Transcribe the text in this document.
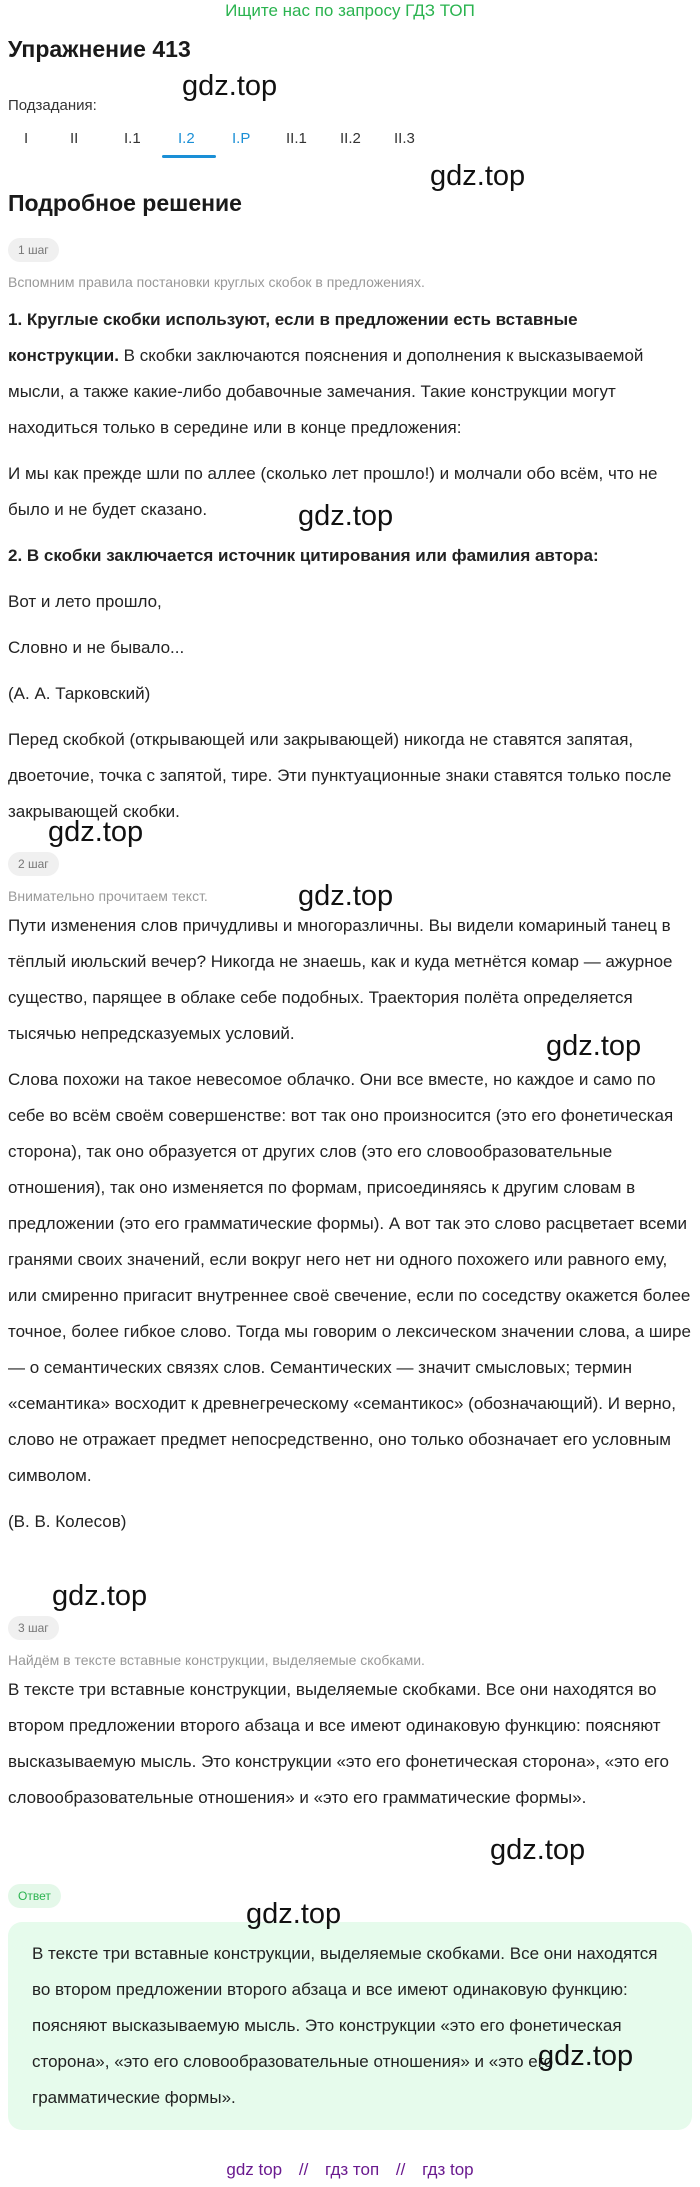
Ищите нас по запросу ГДЗ ТОП
Упражнение 413
Подзадания:
I	II	I.1	I.2	I.P	II.1	II.2	II.3
Подробное решение
1 шаг
Вспомним правила постановки круглых скобок в предложениях.
1. Круглые скобки используют, если в предложении есть вставные конструкции. В скобки заключаются пояснения и дополнения к высказываемой мысли, а также какие-либо добавочные замечания. Такие конструкции могут находиться только в середине или в конце предложения:
И мы как прежде шли по аллее (сколько лет прошло!) и молчали обо всём, что не было и не будет сказано.
2. В скобки заключается источник цитирования или фамилия автора:
Вот и лето прошло,
Словно и не бывало...
(А. А. Тарковский)
Перед скобкой (открывающей или закрывающей) никогда не ставятся запятая, двоеточие, точка с запятой, тире. Эти пунктуационные знаки ставятся только после закрывающей скобки.
2 шаг
Внимательно прочитаем текст.
Пути изменения слов причудливы и многоразличны. Вы видели комариный танец в тёплый июльский вечер? Никогда не знаешь, как и куда метнётся комар — ажурное существо, парящее в облаке себе подобных. Траектория полёта определяется тысячью непредсказуемых условий.
Слова похожи на такое невесомое облачко. Они все вместе, но каждое и само по себе во всём своём совершенстве: вот так оно произносится (это его фонетическая сторона), так оно образуется от других слов (это его словообразовательные отношения), так оно изменяется по формам, присоединяясь к другим словам в предложении (это его грамматические формы). А вот так это слово расцветает всеми гранями своих значений, если вокруг него нет ни одного похожего или равного ему, или смиренно пригасит внутреннее своё свечение, если по соседству окажется более точное, более гибкое слово. Тогда мы говорим о лексическом значении слова, а шире — о семантических связях слов. Семантических — значит смысловых; термин «семантика» восходит к древнегреческому «семантикос» (обозначающий). И верно, слово не отражает предмет непосредственно, оно только обозначает его условным символом.
(В. В. Колесов)
3 шаг
Найдём в тексте вставные конструкции, выделяемые скобками.
В тексте три вставные конструкции, выделяемые скобками. Все они находятся во втором предложении второго абзаца и все имеют одинаковую функцию: поясняют высказываемую мысль. Это конструкции «это его фонетическая сторона», «это его словообразовательные отношения» и «это его грамматические формы».
Ответ
В тексте три вставные конструкции, выделяемые скобками. Все они находятся во втором предложении второго абзаца и все имеют одинаковую функцию: поясняют высказываемую мысль. Это конструкции «это его фонетическая сторона», «это его словообразовательные отношения» и «это его грамматические формы».
gdz.top
gdz.top
gdz.top
gdz.top
gdz.top
gdz.top
gdz.top
gdz.top
gdz.top
gdz.top
gdz top // гдз топ // гдз top
